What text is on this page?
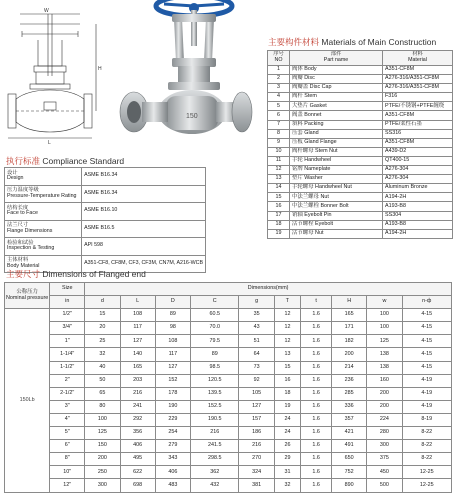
W
L
H
150
主要构件材料 Materials of Main Construction
序号
NO	部件
Part name	材料
Material
1	阀体 Body	A351-CF8M
2	阀瓣 Disc	A276-316/A351-CF8M
3	阀瓣盖 Disc Cap	A276-316/A351-CF8M
4	阀杆 Stem	F316
5	大垫片 Gasket	PTFE/不锈钢+PTFE缠绕
6	阀盖 Bonnet	A351-CF8M
7	填料 Packing	PTFE/柔性石墨
8	压套 Gland	SS316
9	压板 Gland Flange	A351-CF8M
10	阀杆螺母 Stem Nut	A439-D2
11	手轮 Handwheel	QT400-15
12	铭牌 Nameplate	A276-304
13	垫片 Washer	A276-304
14	手轮螺母 Handwheel Nut	Aluminum Bronze
15	中法兰螺母 Nut	A194-2H
16	中法兰螺栓 Bonner Bolt	A193-B8
17	销轴 Eyebolt Pin	SS304
18	活节螺栓 Eyebolt	A193-B8
19	活节螺母 Nut	A194-2H
执行标准 Compliance Standard
设计
Design	ASME B16.34
压力温度等级
Pressure-Temperature Rating	ASME B16.34
结构长度
Face to Face	ASME B16.10
法兰尺寸
Flange Dimensions	ASME B16.5
检验和试验
Inspection & Testing	API 598
主体材料
Body Material	A351-CF8, CF8M, CF3, CF3M, CN7M, A216-WCB
主要尺寸 Dimensions of Flanged end
公称压力
Nominal pressure	Size	Dimensions(mm)									
	in	d	L	D	C	g	T	t	H	w	n-ф
150Lb	1/2"	15	108	89	60.5	35	12	1.6	165	100	4-15
	3/4"	20	117	98	70.0	43	12	1.6	171	100	4-15
	1"	25	127	108	79.5	51	12	1.6	182	125	4-15
	1-1/4"	32	140	117	89	64	13	1.6	200	138	4-15
	1-1/2"	40	165	127	98.5	73	15	1.6	214	138	4-15
	2"	50	203	152	120.5	92	16	1.6	236	160	4-19
	2-1/2"	65	216	178	139.5	105	18	1.6	285	200	4-19
	3"	80	241	190	152.5	127	19	1.6	336	200	4-19
	4"	100	292	229	190.5	157	24	1.6	357	224	8-19
	5"	125	356	254	216	186	24	1.6	421	280	8-22
	6"	150	406	279	241.5	216	26	1.6	491	300	8-22
	8"	200	495	343	298.5	270	29	1.6	650	375	8-22
	10"	250	622	406	362	324	31	1.6	752	450	12-25
	12"	300	698	483	432	381	32	1.6	890	500	12-25
